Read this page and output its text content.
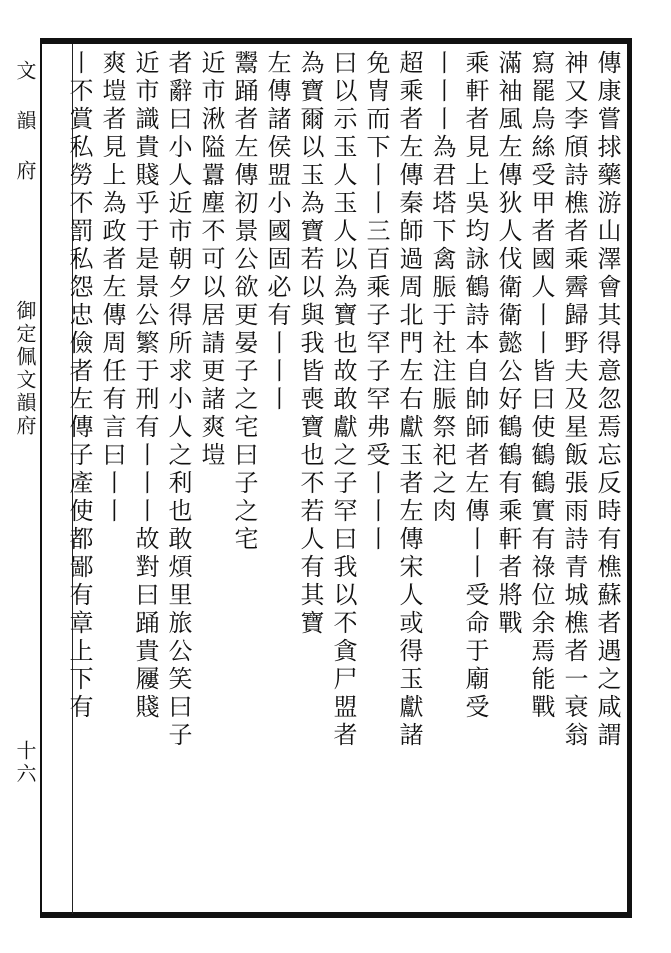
文 韻 府
御定佩文韻府
十六
傳康嘗捄藥游山澤會其得意忽焉忘反時有樵蘇者遇之咸謂
神又李頎詩樵者乘霽歸野夫及星飯張雨詩青城樵者一衰翁
寫罷烏絲受甲者國人丨丨皆曰使鶴鶴實有祿位余焉能戰
滿袖風左傳狄人伐衛衛懿公好鶴鶴有乘軒者將戰
乘軒者見上吳均詠鶴詩本自帥師者左傳丨丨受命于廟受
丨丨丨為君塔下禽脤于社注脤祭祀之肉
超乘者左傳秦師過周北門左右獻玉者左傳宋人或得玉獻諸
免冑而下丨丨三百乘子罕子罕弗受丨丨丨
曰以示玉人玉人以為寶也故敢獻之子罕曰我以不貪尸盟者
為寶爾以玉為寶若以與我皆喪寶也不若人有其寶
左傳諸侯盟小國固必有丨丨丨
鬻踊者左傳初景公欲更晏子之宅曰子之宅
近市湫隘囂塵不可以居請更諸爽塏
者辭曰小人近市朝夕得所求小人之利也敢煩里旅公笑曰子
近市識貴賤乎于是景公繁于刑有丨丨丨故對曰踊貴屨賤
爽塏者見上為政者左傳周任有言曰丨丨
丨不賞私勞不罰私怨忠儉者左傳子產使都鄙有章上下有
